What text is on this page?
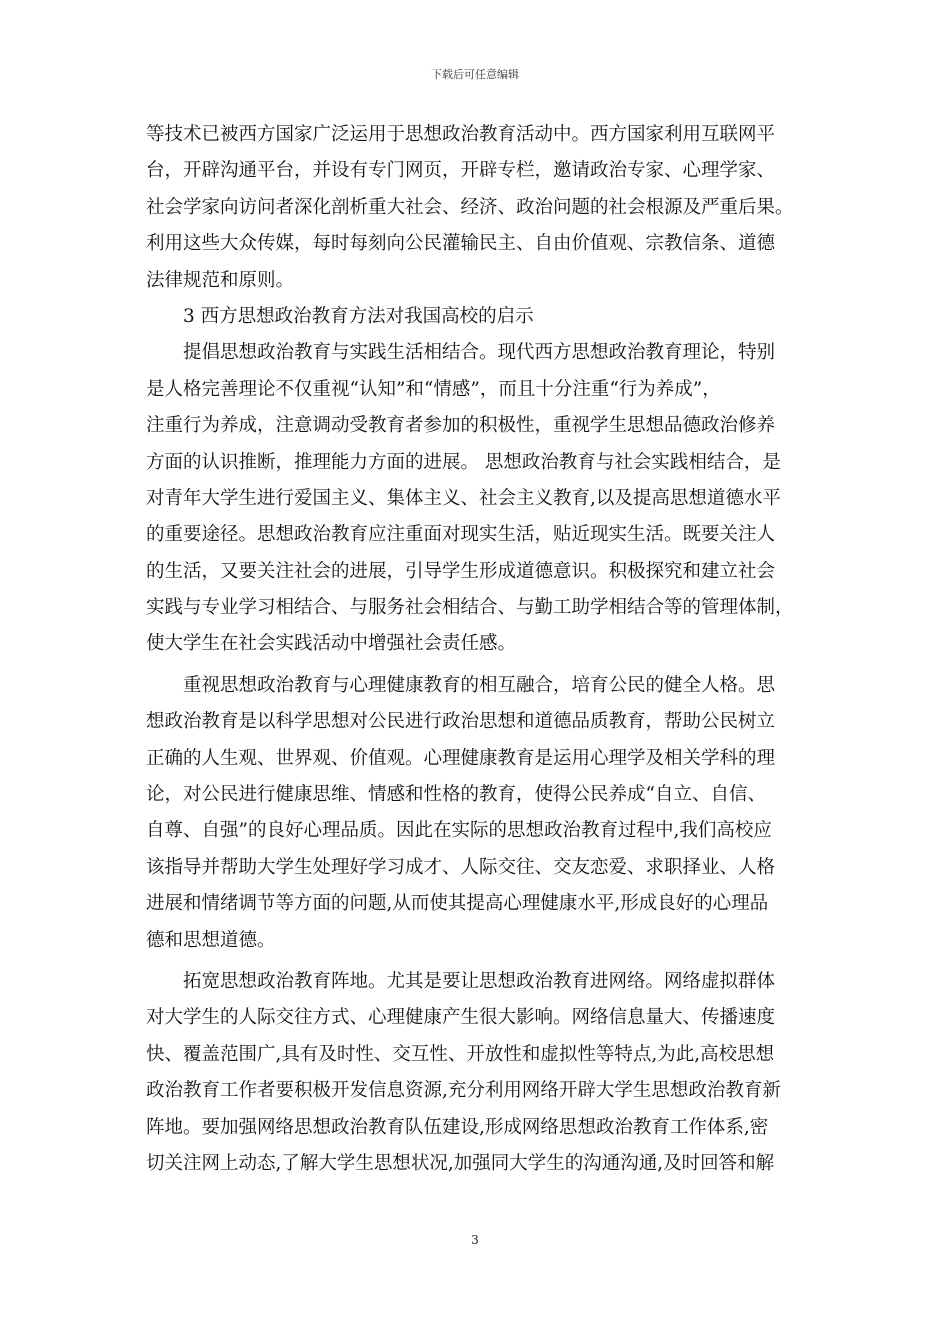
下载后可任意编辑
等技术已被西方国家广泛运用于思想政治教育活动中。西方国家利用互联网平
台，开辟沟通平台，并设有专门网页，开辟专栏，邀请政治专家、心理学家、
社会学家向访问者深化剖析重大社会、经济、政治问题的社会根源及严重后果。
利用这些大众传媒，每时每刻向公民灌输民主、自由价值观、宗教信条、道德
法律规范和原则。
3 西方思想政治教育方法对我国高校的启示
提倡思想政治教育与实践生活相结合。现代西方思想政治教育理论，特别
是人格完善理论不仅重视“认知”和“情感”，而且十分注重“行为养成”，
注重行为养成，注意调动受教育者参加的积极性，重视学生思想品德政治修养
方面的认识推断，推理能力方面的进展。 思想政治教育与社会实践相结合，是
对青年大学生进行爱国主义、集体主义、社会主义教育,以及提高思想道德水平
的重要途径。思想政治教育应注重面对现实生活，贴近现实生活。既要关注人
的生活，又要关注社会的进展，引导学生形成道德意识。积极探究和建立社会
实践与专业学习相结合、与服务社会相结合、与勤工助学相结合等的管理体制，
使大学生在社会实践活动中增强社会责任感。
重视思想政治教育与心理健康教育的相互融合，培育公民的健全人格。思
想政治教育是以科学思想对公民进行政治思想和道德品质教育，帮助公民树立
正确的人生观、世界观、价值观。心理健康教育是运用心理学及相关学科的理
论，对公民进行健康思维、情感和性格的教育，使得公民养成“自立、自信、
自尊、自强”的良好心理品质。因此在实际的思想政治教育过程中,我们高校应
该指导并帮助大学生处理好学习成才、人际交往、交友恋爱、求职择业、人格
进展和情绪调节等方面的问题,从而使其提高心理健康水平,形成良好的心理品
德和思想道德。
拓宽思想政治教育阵地。尤其是要让思想政治教育进网络。网络虚拟群体
对大学生的人际交往方式、心理健康产生很大影响。网络信息量大、传播速度
快、覆盖范围广,具有及时性、交互性、开放性和虚拟性等特点,为此,高校思想
政治教育工作者要积极开发信息资源,充分利用网络开辟大学生思想政治教育新
阵地。要加强网络思想政治教育队伍建设,形成网络思想政治教育工作体系,密
切关注网上动态,了解大学生思想状况,加强同大学生的沟通沟通,及时回答和解
3
